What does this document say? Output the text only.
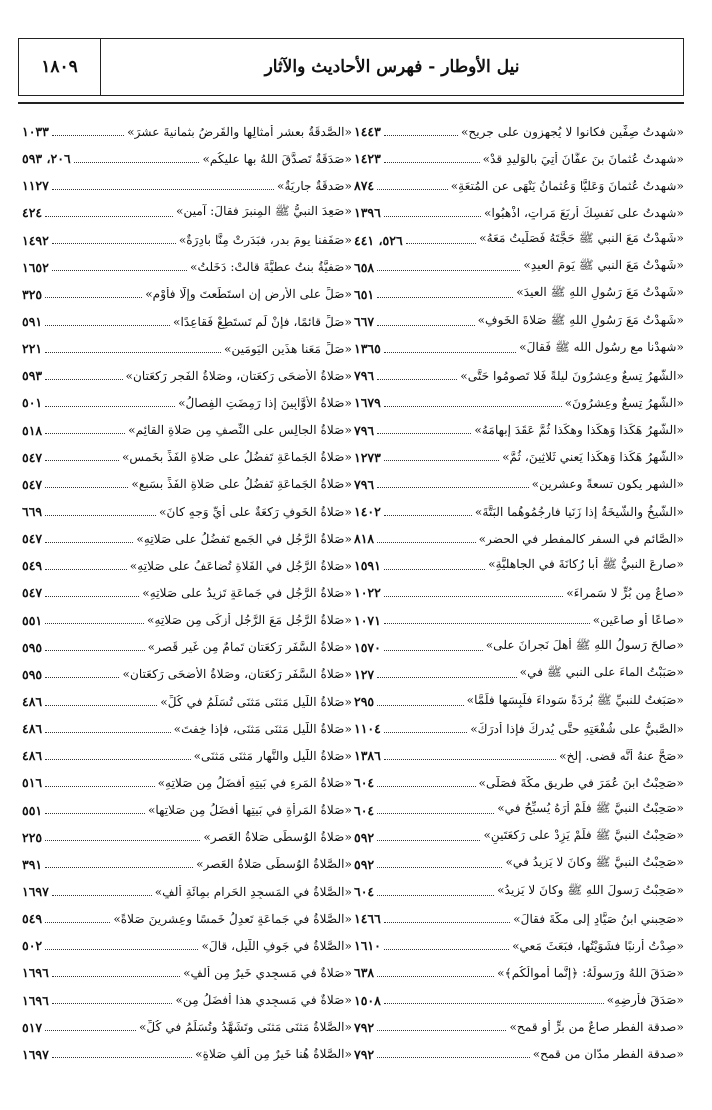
نيل الأوطار - فهرس الأحاديث والآثار
١٨٠٩
«شهدتُ صِفِّين فكانوا لا يُجهزون على جريح»
١٤٤٣
«شهدتُ عُثمانَ بنَ عفَّانَ أُتِيَ بالوَليدِ قدْ»
١٤٢٣
«شهدتُ عُثمانَ وَعَليًّا وَعُثمانُ يَنْهَى عن المُتعَةِ»
٨٧٤
«شهدتُ على نَفسِكَ أَربَعَ مَراتٍ، اذْهبُوا»
١٣٩٦
«شَهدْتُ مَعَ النبي ﷺ حَجَّتَهُ فَصَلَّيتُ مَعَهُ»
٥٢٦، ٤٤١
«شَهدْتُ مَعَ النبي ﷺ يَومَ العيدِ»
٦٥٨
«شَهدْتُ مَعَ رَسُولِ اللهِ ﷺ العيدَ»
٦٥١
«شَهدْتُ مَعَ رَسُولِ اللهِ ﷺ صَلاةَ الخَوفِ»
٦٦٧
«شهدْنا مع رسُول الله ﷺ فَقالَ»
١٣٦٥
«الشَّهرُ تِسعٌ وعِشرُونَ ليلةً فَلا تَصومُوا حَتَّى»
٧٩٦
«الشَّهرُ تِسعٌ وعِشرُونَ»
١٦٧٩
«الشَّهرُ هَكَذا وَهكَذا وهكَذا ثُمَّ عَقَدَ إبهامَهُ»
٧٩٦
«الشَّهرُ هَكَذا وَهكَذا يَعني ثَلاثِينَ، ثُمَّ»
١٢٧٣
«الشهر يكون تسعةً وعشرين»
٧٩٦
«الشَّيخُ والشَّيخَةُ إذا زَنَيا فارجُمُوهُما البَتَّةَ»
١٤٠٢
«الصَّائم في السفر كالمفطر في الحضر»
٨١٨
«صارعَ النبيُّ ﷺ أبا رُكانَةَ في الجاهليَّةِ»
١٥٩١
«صاعٌ مِن بُرٍّ لا سَمراءَ»
١٠٢٢
«صاعًا أو صاعَينِ»
١٠٧١
«صالحَ رَسولُ اللهِ ﷺ أهلَ نَجرانَ على»
١٥٧٠
«صَبَبْتُ الماءَ على النبي ﷺ في»
١٢٧
«صَبَغتُ للنبيِّ ﷺ بُردَةً سَوداءَ فلَبِسَها فلَمَّا»
٢٩٥
«الصَّبيُّ على شُفْعَتِهِ حتَّى يُدرِكَ فإذا أدرَكَ»
١١٠٤
«صَحَّ عنهُ أنَّه قضى. إلخ»
١٣٨٦
«صَحِبْتُ ابنَ عُمَرَ في طريقِ مكَّةَ فصَلَّى»
٦٠٤
«صَحِبْتُ النبيَّ ﷺ فلَمْ أرَهُ يُسبِّحُ في»
٦٠٤
«صَحِبْتُ النبيَّ ﷺ فلَمْ يَزِدْ على رَكعَتَينِ»
٥٩٢
«صَحِبْتُ النبيَّ ﷺ وكانَ لا يَزيدُ في»
٥٩٢
«صَحِبْتُ رَسولَ اللهِ ﷺ وكانَ لا يَزيدُ»
٦٠٤
«صَحِبني ابنُ صَيَّادٍ إلى مكَّةَ فقالَ»
١٤٦٦
«صِدْتُ أَرنبًا فشَوَيْتُها، فبَعَثَ مَعي»
١٦١٠
«صَدَقَ اللهُ ورَسولُهُ: ﴿إنَّما أموالُكُم﴾»
٦٣٨
«صَدَقَ فأرضِهِ»
١٥٠٨
«صدقة الفطر صاعٌ من برٍّ أو قمحٍ»
٧٩٢
«صدقة الفطر مدّان من قمحٍ»
٧٩٢
«الصَّدقَةُ بعشرِ أمثالِها والقَرضُ بثمانيةَ عشرَ»
١٠٣٣
«صَدَقَةٌ تَصدَّقَ اللهُ بها عليكُم»
٢٠٦، ٥٩٣
«صَدقَةٌ جاريَةٌ»
١١٢٧
«صَعِدَ النبيُّ ﷺ المِنبرَ فقالَ: آمين»
٤٢٤
«صَفَفنا يومَ بدرٍ، فبَدَرتْ مِنَّا بادِرَةٌ»
١٤٩٢
«صَفيَّةُ بنتُ عطيَّةَ قالتْ: دَخَلتُ»
١٦٥٢
«صَلِّ على الأرضِ إن استَطَعتَ وإلَّا فأَوْمِ»
٣٢٥
«صَلِّ قائمًا، فإنْ لَم تَستَطِعْ فَقاعِدًا»
٥٩١
«صَلِّ مَعَنا هذَينِ اليَومَينِ»
٢٢١
«صَلاةُ الأضحَى رَكعَتانِ، وصَلاةُ الفَجرِ رَكعَتانِ»
٥٩٣
«صَلاةُ الأوَّابِينَ إذا رَمِضَتِ الفِصالُ»
٥٠١
«صَلاةُ الجالِسِ على النِّصفِ مِن صَلاةِ القائِمِ»
٥١٨
«صَلاةُ الجَماعَةِ تَفضُلُ على صَلاةِ الفَذِّ بخَمسٍ»
٥٤٧
«صَلاةُ الجَماعَةِ تَفضُلُ على صَلاةِ الفَذِّ بسَبعٍ»
٥٤٧
«صَلاةُ الخَوفِ رَكعَةٌ على أيِّ وَجهٍ كانَ»
٦٦٩
«صَلاةُ الرَّجُلِ في الجَمعِ تَفضُلُ على صَلاتِهِ»
٥٤٧
«صَلاةُ الرَّجُلِ في الفَلاةِ تُضاعَفُ على صَلاتِهِ»
٥٤٩
«صَلاةُ الرَّجُلِ في جَماعَةٍ تَزيدُ على صَلاتِهِ»
٥٤٧
«صَلاةُ الرَّجُلِ مَعَ الرَّجُلِ أزكَى مِن صَلاتِهِ»
٥٥١
«صَلاةُ السَّفَرِ رَكعَتانِ تَمامٌ مِن غَيرِ قَصرٍ»
٥٩٥
«صَلاةُ السَّفَرِ رَكعَتانِ، وصَلاةُ الأضحَى رَكعَتانِ»
٥٩٥
«صَلاةُ اللَّيلِ مَثنَى مَثنَى تُسَلِّمُ في كُلِّ»
٤٨٦
«صَلاةُ اللَّيلِ مَثنَى مَثنَى، فإذا خِفتَ»
٤٨٦
«صَلاةُ اللَّيلِ والنَّهارِ مَثنَى مَثنَى»
٤٨٦
«صَلاةُ المَرءِ في بَيتِهِ أفضَلُ مِن صَلاتِهِ»
٥١٦
«صَلاةُ المَرأةِ في بَيتِها أفضَلُ مِن صَلاتِها»
٥٥١
«صَلاةُ الوُسطَى صَلاةُ العَصرِ»
٢٢٥
«الصَّلاةُ الوُسطَى صَلاةُ العَصرِ»
٣٩١
«الصَّلاةُ في المَسجِدِ الحَرامِ بمِائَةِ ألفٍ»
١٦٩٧
«الصَّلاةُ في جَماعَةٍ تَعدِلُ خَمسًا وعِشرينَ صَلاةً»
٥٤٩
«الصَّلاةُ في جَوفِ اللَّيلِ، قالَ»
٥٠٢
«صَلاةٌ في مَسجِدي خَيرٌ مِن ألفٍ»
١٦٩٦
«صَلاةٌ في مَسجِدي هذا أفضَلُ مِن»
١٦٩٦
«الصَّلاةُ مَثنَى مَثنَى وتَشَهَّدُ وتُسَلِّمُ في كُلِّ»
٥١٧
«الصَّلاةُ هُنا خَيرٌ مِن ألفِ صَلاةٍ»
١٦٩٧
